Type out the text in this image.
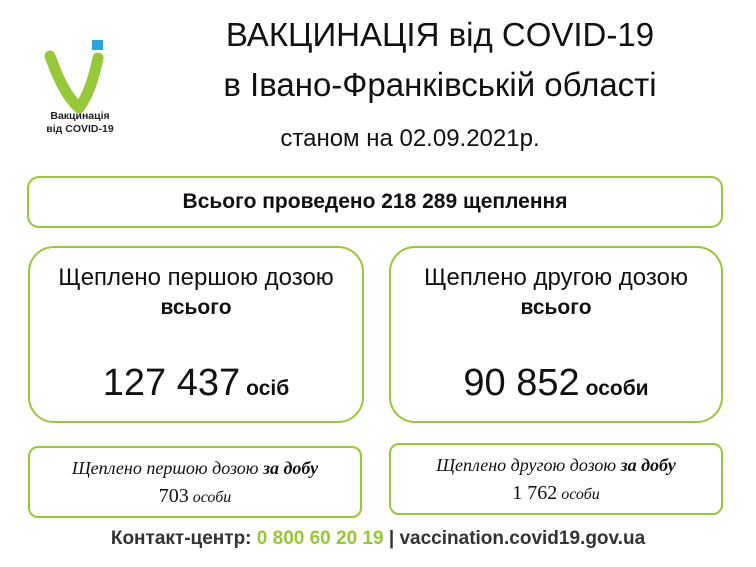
Вакцинація
від COVID-19
ВАКЦИНАЦІЯ від COVID-19
в Івано-Франківській області
станом на 02.09.2021р.
Всього проведено 218 289 щеплення
Щеплено першою дозою
всього
127 437 осіб
Щеплено другою дозою
всього
90 852 особи
Щеплено першою дозою за добу
703 особи
Щеплено другою дозою за добу
1 762 особи
Контакт-центр: 0 800 60 20 19 | vaccination.covid19.gov.ua
